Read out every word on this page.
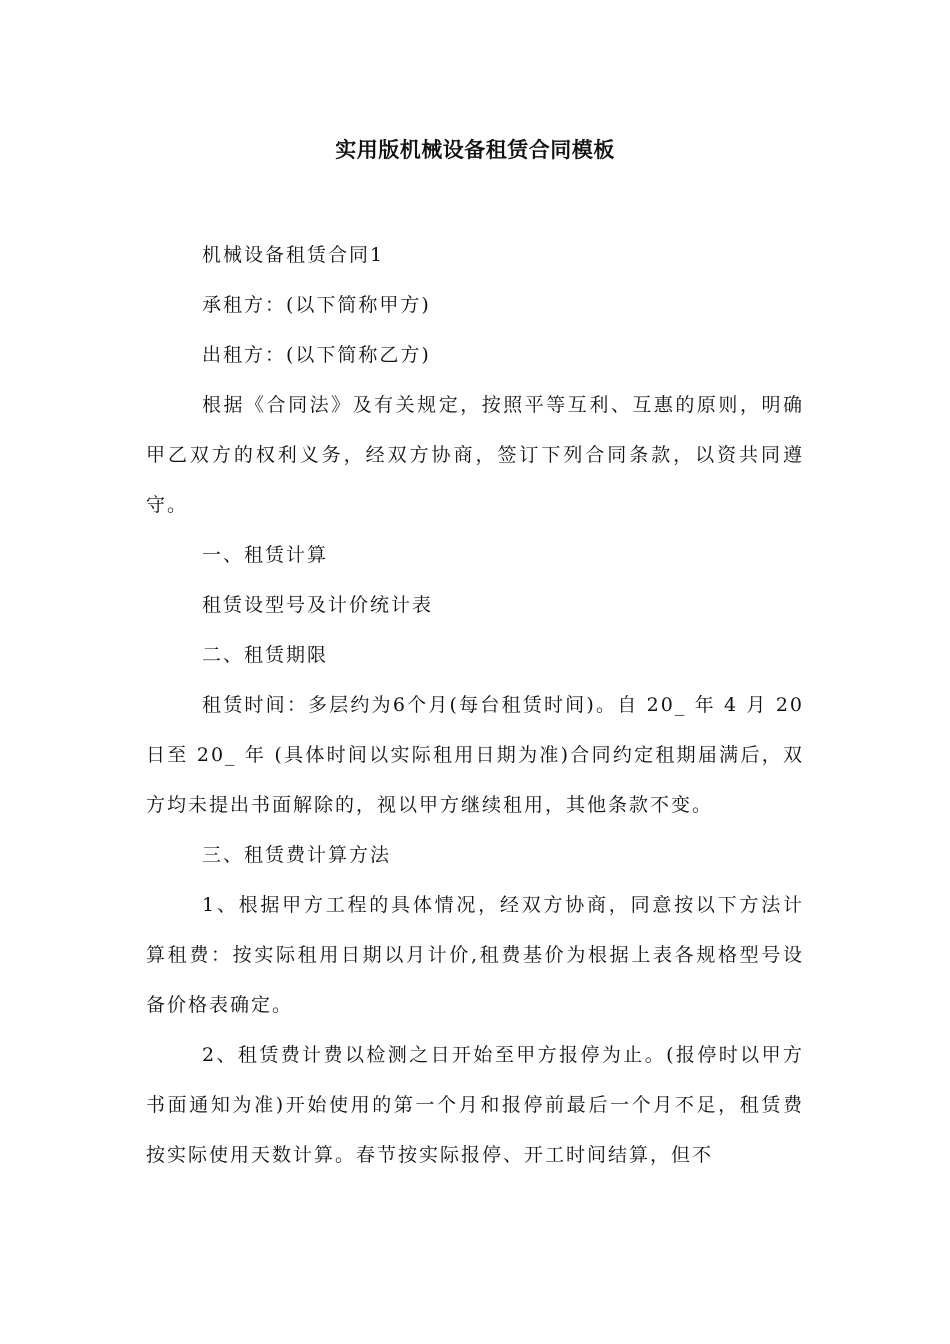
实用版机械设备租赁合同模板

机械设备租赁合同1

承租方：(以下简称甲方)

出租方：(以下简称乙方)

根据《合同法》及有关规定，按照平等互利、互惠的原则，明确甲乙双方的权利义务，经双方协商，签订下列合同条款，以资共同遵守。

一、租赁计算

租赁设型号及计价统计表

二、租赁期限

租赁时间：多层约为6个月(每台租赁时间)。自 20_ 年 4 月 20 日至 20_ 年 (具体时间以实际租用日期为准)合同约定租期届满后，双方均未提出书面解除的，视以甲方继续租用，其他条款不变。

三、租赁费计算方法

1、根据甲方工程的具体情况，经双方协商，同意按以下方法计算租费：按实际租用日期以月计价,租费基价为根据上表各规格型号设备价格表确定。

2、租赁费计费以检测之日开始至甲方报停为止。(报停时以甲方书面通知为准)开始使用的第一个月和报停前最后一个月不足，租赁费按实际使用天数计算。春节按实际报停、开工时间结算，但不
